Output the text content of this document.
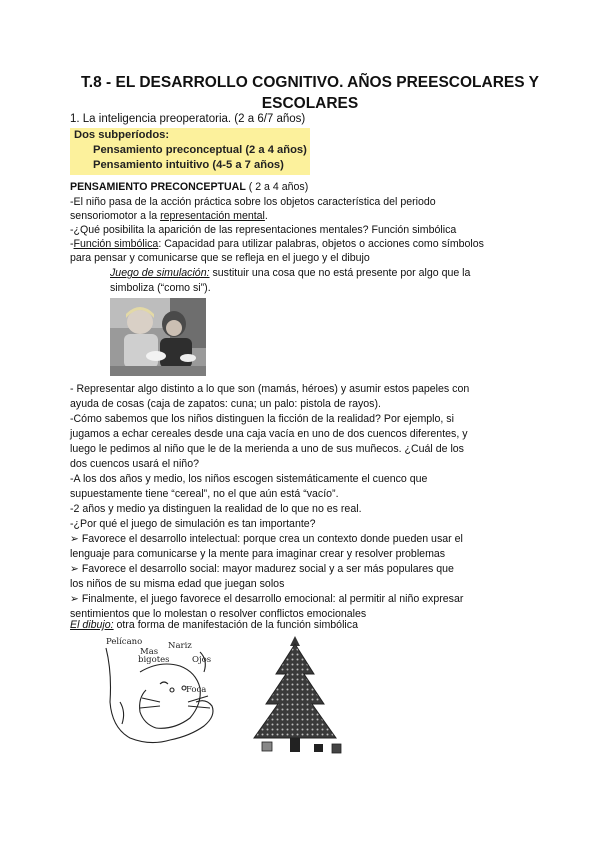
T.8 - EL DESARROLLO COGNITIVO. AÑOS PREESCOLARES Y
ESCOLARES
1. La inteligencia preoperatoria. (2 a 6/7 años)
Dos subperíodos:
Pensamiento preconceptual (2 a 4 años)
Pensamiento intuitivo (4-5 a 7 años)
PENSAMIENTO PRECONCEPTUAL ( 2 a 4 años)
-El niño pasa de la acción práctica sobre los objetos característica del periodo
sensoriomotor a la representación mental.
-¿Qué posibilita la aparición de las representaciones mentales? Función simbólica
-Función simbólica: Capacidad para utilizar palabras, objetos o acciones como símbolos
para pensar y comunicarse que se refleja en el juego y el dibujo
Juego de simulación: sustituir una cosa que no está presente por algo que la
simboliza (“como si”).
- Representar algo distinto a lo que son (mamás, héroes) y asumir estos papeles con
ayuda de cosas (caja de zapatos: cuna; un palo: pistola de rayos).
-Cómo sabemos que los niños distinguen la ficción de la realidad? Por ejemplo, si
jugamos a echar cereales desde una caja vacía en uno de dos cuencos diferentes, y
luego le pedimos al niño que le de la merienda a uno de sus muñecos. ¿Cuál de los
dos cuencos usará el niño?
-A los dos años y medio, los niños escogen sistemáticamente el cuenco que
supuestamente tiene “cereal”, no el que aún está “vacío”.
-2 años y medio ya distinguen la realidad de lo que no es real.
-¿Por qué el juego de simulación es tan importante?
➢ Favorece el desarrollo intelectual: porque crea un contexto donde pueden usar el
lenguaje para comunicarse y la mente para imaginar crear y resolver problemas
➢ Favorece el desarrollo social: mayor madurez social y a ser más populares que
los niños de su misma edad que juegan solos
➢ Finalmente, el juego favorece el desarrollo emocional: al permitir al niño expresar
sentimientos que lo molestan o resolver conflictos emocionales
El dibujo: otra forma de manifestación de la función simbólica
Pelícano
Mas
bigotes
Nariz
Ojos
Foca
